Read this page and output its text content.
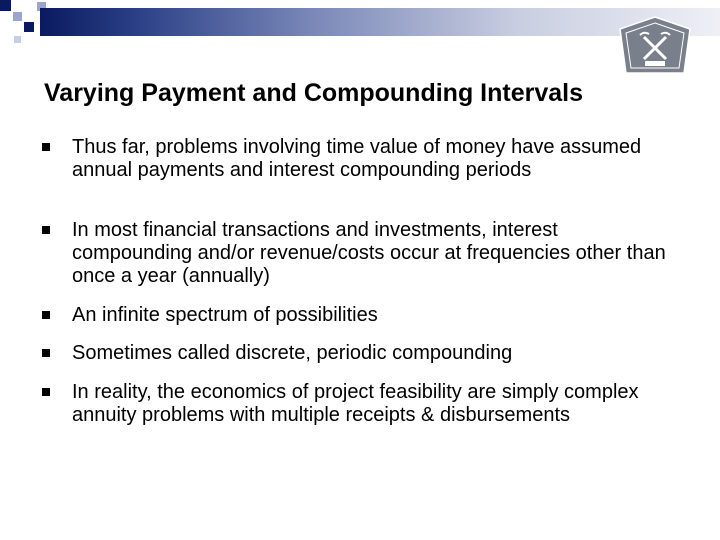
Varying Payment and Compounding Intervals
Thus far, problems involving time value of money have assumed annual payments and interest compounding periods
In most financial transactions and investments, interest compounding and/or revenue/costs occur at frequencies other than once a year (annually)
An infinite spectrum of possibilities
Sometimes called discrete, periodic compounding
In reality, the economics of project feasibility are simply complex annuity problems with multiple receipts & disbursements
